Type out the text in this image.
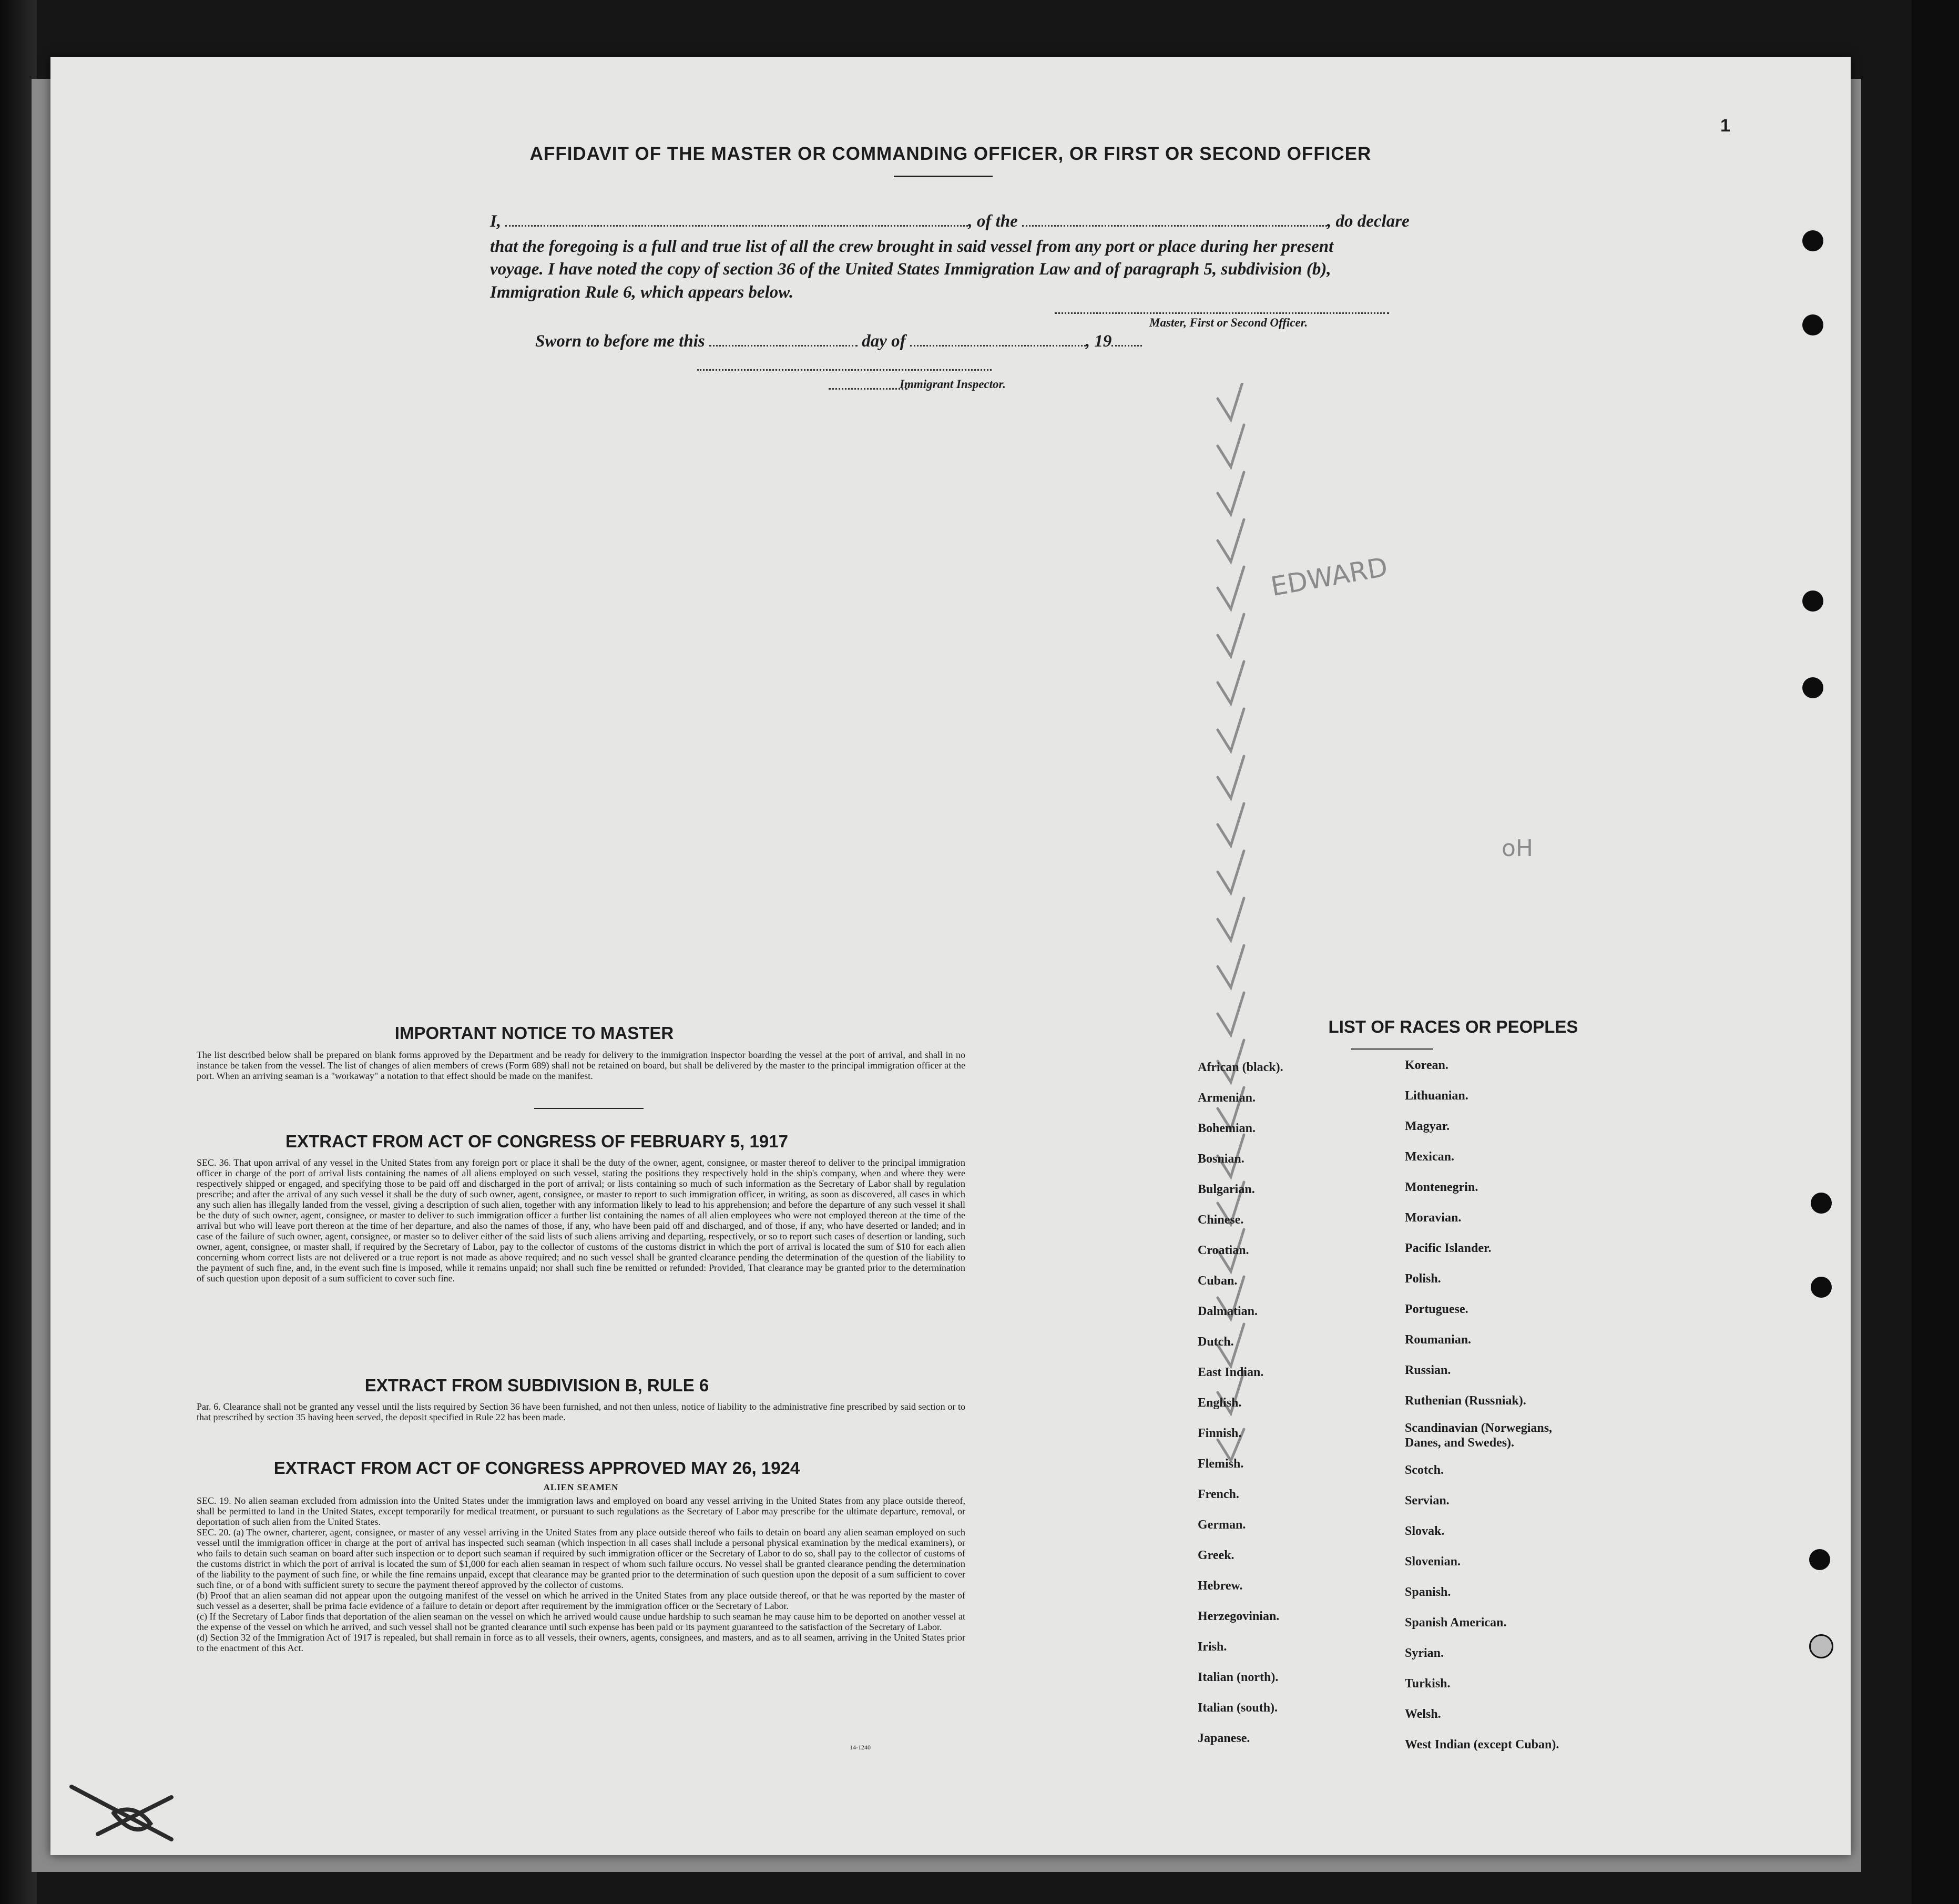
1
AFFIDAVIT OF THE MASTER OR COMMANDING OFFICER, OR FIRST OR SECOND OFFICER
I,	, of the	, do declare
that the foregoing is a full and true list of all the crew brought in said vessel from any port or place during her present
voyage. I have noted the copy of section 36 of the United States Immigration Law and of paragraph 5, subdivision (b),
Immigration Rule 6, which appears below.
Master, First or Second Officer.
Sworn to before me this	day of	, 19
Immigrant Inspector.
EDWARD
oH
IMPORTANT NOTICE TO MASTER
The list described below shall be prepared on blank forms approved by the Department and be ready for delivery to the immigration inspector boarding the vessel at the port of arrival, and shall in no instance be taken from the vessel. The list of changes of alien members of crews (Form 689) shall not be retained on board, but shall be delivered by the master to the principal immigration officer at the port. When an arriving seaman is a "workaway" a notation to that effect should be made on the manifest.
EXTRACT FROM ACT OF CONGRESS OF FEBRUARY 5, 1917
SEC. 36. That upon arrival of any vessel in the United States from any foreign port or place it shall be the duty of the owner, agent, consignee, or master thereof to deliver to the principal immigration officer in charge of the port of arrival lists containing the names of all aliens employed on such vessel, stating the positions they respectively hold in the ship's company, when and where they were respectively shipped or engaged, and specifying those to be paid off and discharged in the port of arrival; or lists containing so much of such information as the Secretary of Labor shall by regulation prescribe; and after the arrival of any such vessel it shall be the duty of such owner, agent, consignee, or master to report to such immigration officer, in writing, as soon as discovered, all cases in which any such alien has illegally landed from the vessel, giving a description of such alien, together with any information likely to lead to his apprehension; and before the departure of any such vessel it shall be the duty of such owner, agent, consignee, or master to deliver to such immigration officer a further list containing the names of all alien employees who were not employed thereon at the time of the arrival but who will leave port thereon at the time of her departure, and also the names of those, if any, who have been paid off and discharged, and of those, if any, who have deserted or landed; and in case of the failure of such owner, agent, consignee, or master so to deliver either of the said lists of such aliens arriving and departing, respectively, or so to report such cases of desertion or landing, such owner, agent, consignee, or master shall, if required by the Secretary of Labor, pay to the collector of customs of the customs district in which the port of arrival is located the sum of $10 for each alien concerning whom correct lists are not delivered or a true report is not made as above required; and no such vessel shall be granted clearance pending the determination of the question of the liability to the payment of such fine, and, in the event such fine is imposed, while it remains unpaid; nor shall such fine be remitted or refunded: Provided, That clearance may be granted prior to the determination of such question upon deposit of a sum sufficient to cover such fine.
EXTRACT FROM SUBDIVISION B, RULE 6
Par. 6. Clearance shall not be granted any vessel until the lists required by Section 36 have been furnished, and not then unless, notice of liability to the administrative fine prescribed by said section or to that prescribed by section 35 having been served, the deposit specified in Rule 22 has been made.
EXTRACT FROM ACT OF CONGRESS APPROVED MAY 26, 1924
ALIEN SEAMEN
SEC. 19. No alien seaman excluded from admission into the United States under the immigration laws and employed on board any vessel arriving in the United States from any place outside thereof, shall be permitted to land in the United States, except temporarily for medical treatment, or pursuant to such regulations as the Secretary of Labor may prescribe for the ultimate departure, removal, or deportation of such alien from the United States.
SEC. 20. (a) The owner, charterer, agent, consignee, or master of any vessel arriving in the United States from any place outside thereof who fails to detain on board any alien seaman employed on such vessel until the immigration officer in charge at the port of arrival has inspected such seaman (which inspection in all cases shall include a personal physical examination by the medical examiners), or who fails to detain such seaman on board after such inspection or to deport such seaman if required by such immigration officer or the Secretary of Labor to do so, shall pay to the collector of customs of the customs district in which the port of arrival is located the sum of $1,000 for each alien seaman in respect of whom such failure occurs. No vessel shall be granted clearance pending the determination of the liability to the payment of such fine, or while the fine remains unpaid, except that clearance may be granted prior to the determination of such question upon the deposit of a sum sufficient to cover such fine, or of a bond with sufficient surety to secure the payment thereof approved by the collector of customs.
(b) Proof that an alien seaman did not appear upon the outgoing manifest of the vessel on which he arrived in the United States from any place outside thereof, or that he was reported by the master of such vessel as a deserter, shall be prima facie evidence of a failure to detain or deport after requirement by the immigration officer or the Secretary of Labor.
(c) If the Secretary of Labor finds that deportation of the alien seaman on the vessel on which he arrived would cause undue hardship to such seaman he may cause him to be deported on another vessel at the expense of the vessel on which he arrived, and such vessel shall not be granted clearance until such expense has been paid or its payment guaranteed to the satisfaction of the Secretary of Labor.
(d) Section 32 of the Immigration Act of 1917 is repealed, but shall remain in force as to all vessels, their owners, agents, consignees, and masters, and as to all seamen, arriving in the United States prior to the enactment of this Act.
14-1240
LIST OF RACES OR PEOPLES
African (black).
Armenian.
Bohemian.
Bosnian.
Bulgarian.
Chinese.
Croatian.
Cuban.
Dalmatian.
Dutch.
East Indian.
English.
Finnish.
Flemish.
French.
German.
Greek.
Hebrew.
Herzegovinian.
Irish.
Italian (north).
Italian (south).
Japanese.
Korean.
Lithuanian.
Magyar.
Mexican.
Montenegrin.
Moravian.
Pacific Islander.
Polish.
Portuguese.
Roumanian.
Russian.
Ruthenian (Russniak).
Scandinavian (Norwegians,
Danes, and Swedes).
Scotch.
Servian.
Slovak.
Slovenian.
Spanish.
Spanish American.
Syrian.
Turkish.
Welsh.
West Indian (except Cuban).
